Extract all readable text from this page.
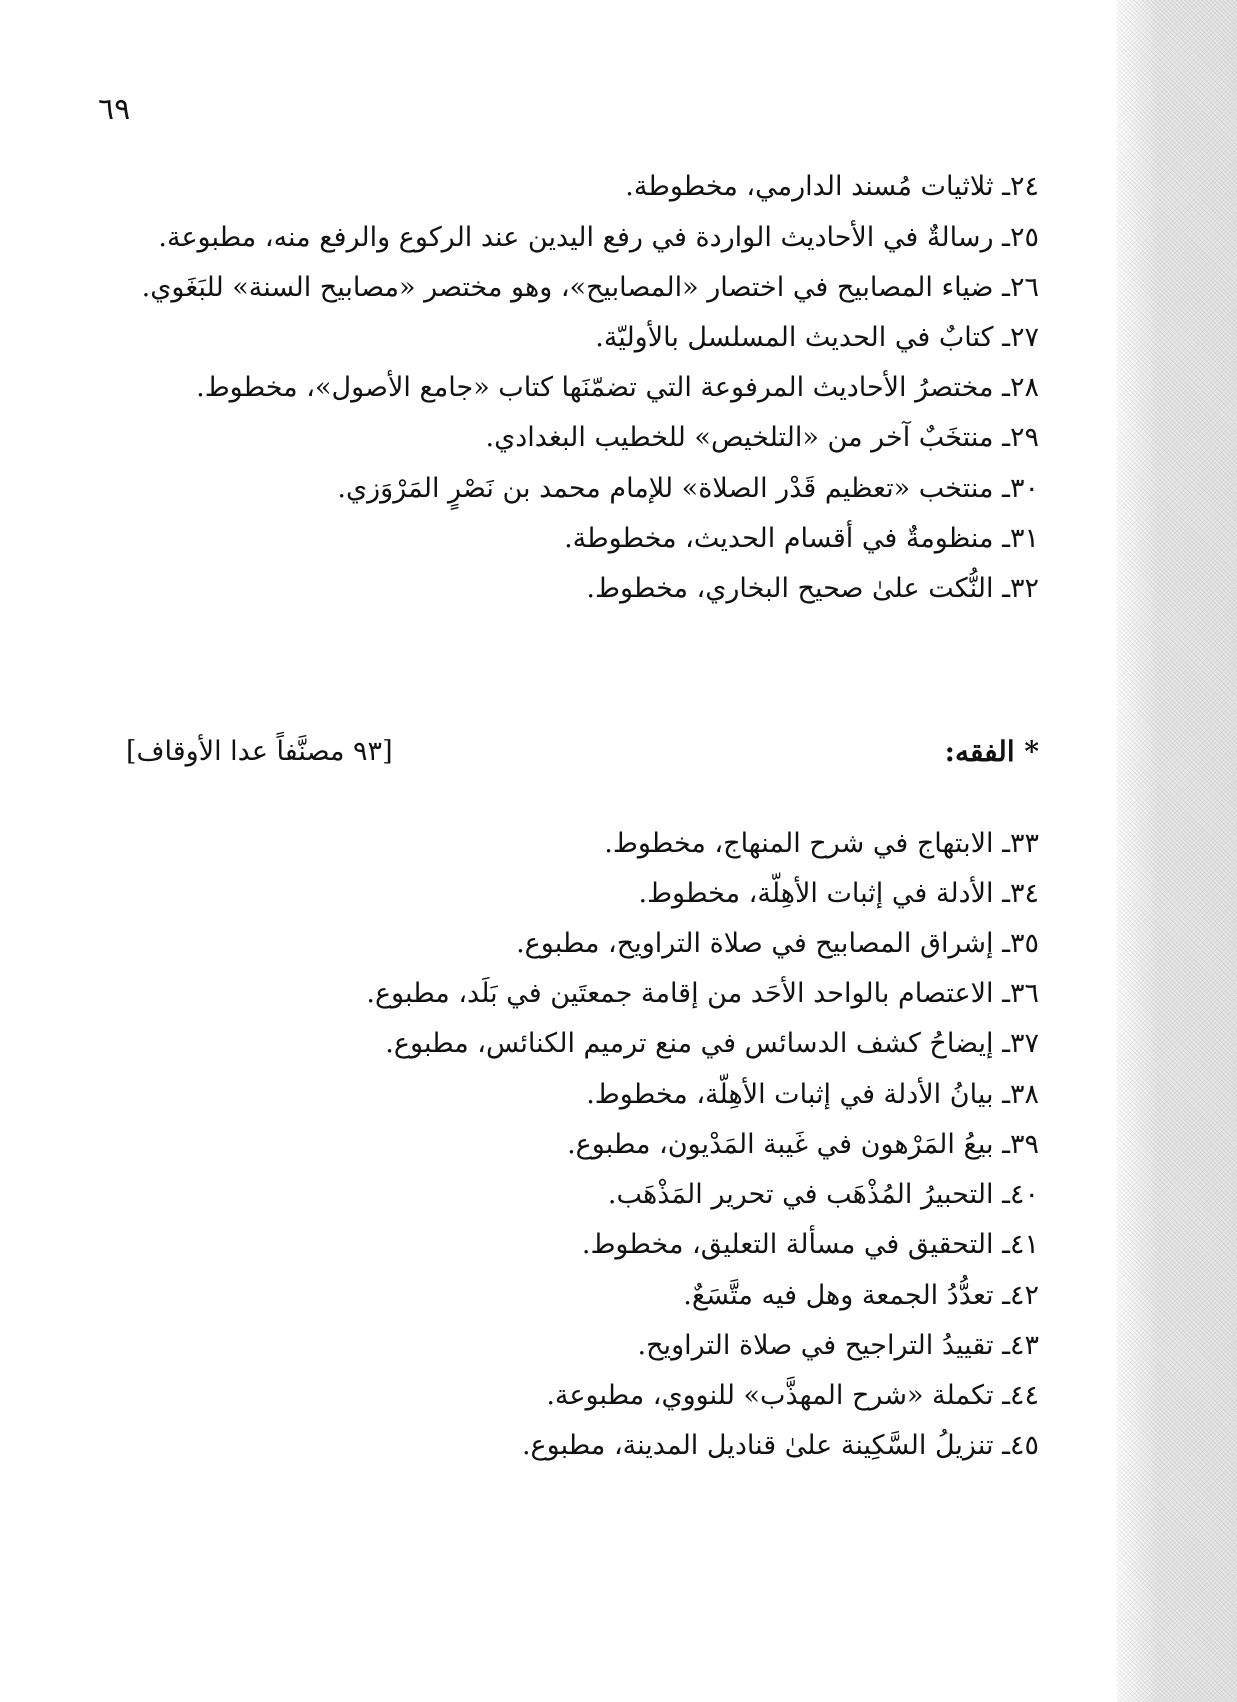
٦٩
٢٤ـ ثلاثيات مُسند الدارمي، مخطوطة.
٢٥ـ رسالةٌ في الأحاديث الواردة في رفع اليدين عند الركوع والرفع منه، مطبوعة.
٢٦ـ ضياء المصابيح في اختصار «المصابيح»، وهو مختصر «مصابيح السنة» للبَغَوي.
٢٧ـ كتابٌ في الحديث المسلسل بالأوليّة.
٢٨ـ مختصرُ الأحاديث المرفوعة التي تضمّنَها كتاب «جامع الأصول»، مخطوط.
٢٩ـ منتخَبٌ آخر من «التلخيص» للخطيب البغدادي.
٣٠ـ منتخب «تعظيم قَدْر الصلاة» للإمام محمد بن نَصْرٍ المَرْوَزي.
٣١ـ منظومةٌ في أقسام الحديث، مخطوطة.
٣٢ـ النُّكت علىٰ صحيح البخاري، مخطوط.
* الفقه:
[٩٣ مصنَّفاً عدا الأوقاف]
٣٣ـ الابتهاج في شرح المنهاج، مخطوط.
٣٤ـ الأدلة في إثبات الأهِلّة، مخطوط.
٣٥ـ إشراق المصابيح في صلاة التراويح، مطبوع.
٣٦ـ الاعتصام بالواحد الأحَد من إقامة جمعتَين في بَلَد، مطبوع.
٣٧ـ إيضاحُ كشف الدسائس في منع ترميم الكنائس، مطبوع.
٣٨ـ بيانُ الأدلة في إثبات الأهِلّة، مخطوط.
٣٩ـ بيعُ المَرْهون في غَيبة المَدْيون، مطبوع.
٤٠ـ التحبيرُ المُذْهَب في تحرير المَذْهَب.
٤١ـ التحقيق في مسألة التعليق، مخطوط.
٤٢ـ تعدُّدُ الجمعة وهل فيه متَّسَعٌ.
٤٣ـ تقييدُ التراجيح في صلاة التراويح.
٤٤ـ تكملة «شرح المهذَّب» للنووي، مطبوعة.
٤٥ـ تنزيلُ السَّكِينة علىٰ قناديل المدينة، مطبوع.
